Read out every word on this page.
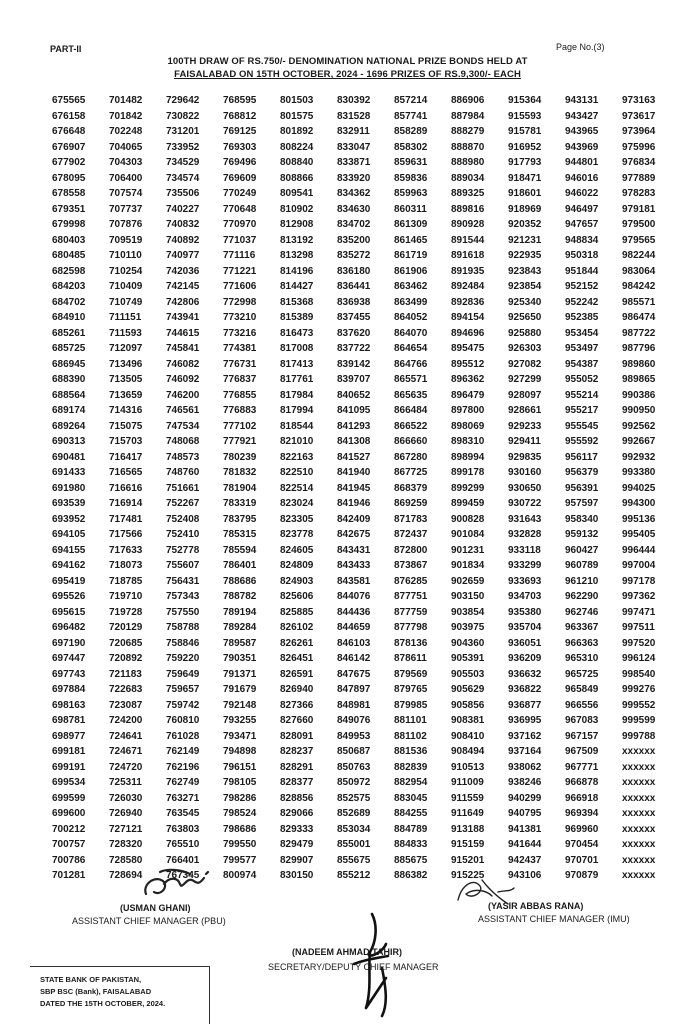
PART-II	Page No.(3)
100TH DRAW OF RS.750/- DENOMINATION NATIONAL PRIZE BONDS HELD AT
FAISALABAD ON 15TH OCTOBER, 2024 - 1696 PRIZES OF RS.9,300/- EACH
675565	701482	729642	768595	801503	830392	857214	886906	915364	943131	973163
676158	701842	730822	768812	801575	831528	857741	887984	915593	943427	973617
676648	702248	731201	769125	801892	832911	858289	888279	915781	943965	973964
676907	704065	733952	769303	808224	833047	858302	888870	916952	943969	975996
677902	704303	734529	769496	808840	833871	859631	888980	917793	944801	976834
678095	706400	734574	769609	808866	833920	859836	889034	918471	946016	977889
678558	707574	735506	770249	809541	834362	859963	889325	918601	946022	978283
679351	707737	740227	770648	810902	834630	860311	889816	918969	946497	979181
679998	707876	740832	770970	812908	834702	861309	890928	920352	947657	979500
680403	709519	740892	771037	813192	835200	861465	891544	921231	948834	979565
680485	710110	740977	771116	813298	835272	861719	891618	922935	950318	982244
682598	710254	742036	771221	814196	836180	861906	891935	923843	951844	983064
684203	710409	742145	771606	814427	836441	863462	892484	923854	952152	984242
684702	710749	742806	772998	815368	836938	863499	892836	925340	952242	985571
684910	711151	743941	773210	815389	837455	864052	894154	925650	952385	986474
685261	711593	744615	773216	816473	837620	864070	894696	925880	953454	987722
685725	712097	745841	774381	817008	837722	864654	895475	926303	953497	987796
686945	713496	746082	776731	817413	839142	864766	895512	927082	954387	989860
688390	713505	746092	776837	817761	839707	865571	896362	927299	955052	989865
688564	713659	746200	776855	817984	840652	865635	896479	928097	955214	990386
689174	714316	746561	776883	817994	841095	866484	897800	928661	955217	990950
689264	715075	747534	777102	818544	841293	866522	898069	929233	955545	992562
690313	715703	748068	777921	821010	841308	866660	898310	929411	955592	992667
690481	716417	748573	780239	822163	841527	867280	898994	929835	956117	992932
691433	716565	748760	781832	822510	841940	867725	899178	930160	956379	993380
691980	716616	751661	781904	822514	841945	868379	899299	930650	956391	994025
693539	716914	752267	783319	823024	841946	869259	899459	930722	957597	994300
693952	717481	752408	783795	823305	842409	871783	900828	931643	958340	995136
694105	717566	752410	785315	823778	842675	872437	901084	932828	959132	995405
694155	717633	752778	785594	824605	843431	872800	901231	933118	960427	996444
694162	718073	755607	786401	824809	843433	873867	901834	933299	960789	997004
695419	718785	756431	788686	824903	843581	876285	902659	933693	961210	997178
695526	719710	757343	788782	825606	844076	877751	903150	934703	962290	997362
695615	719728	757550	789194	825885	844436	877759	903854	935380	962746	997471
696482	720129	758788	789284	826102	844659	877798	903975	935704	963367	997511
697190	720685	758846	789587	826261	846103	878136	904360	936051	966363	997520
697447	720892	759220	790351	826451	846142	878611	905391	936209	965310	996124
697743	721183	759649	791371	826591	847675	879569	905503	936632	965725	998540
697884	722683	759657	791679	826940	847897	879765	905629	936822	965849	999276
698163	723087	759742	792148	827366	848981	879985	905856	936877	966556	999552
698781	724200	760810	793255	827660	849076	881101	908381	936995	967083	999599
698977	724641	761028	793471	828091	849953	881102	908410	937162	967157	999788
699181	724671	762149	794898	828237	850687	881536	908494	937164	967509	xxxxxx
699191	724720	762196	796151	828291	850763	882839	910513	938062	967771	xxxxxx
699534	725311	762749	798105	828377	850972	882954	911009	938246	966878	xxxxxx
699599	726030	763271	798286	828856	852575	883045	911559	940299	966918	xxxxxx
699600	726940	763545	798524	829066	852689	884255	911649	940795	969394	xxxxxx
700212	727121	763803	798686	829333	853034	884789	913188	941381	969960	xxxxxx
700757	728320	765510	799550	829479	855001	884833	915159	941644	970454	xxxxxx
700786	728580	766401	799577	829907	855675	885675	915201	942437	970701	xxxxxx
701281	728694	767345	800974	830150	855212	886382	915225	943106	970879	xxxxxx
(USMAN GHANI)
ASSISTANT CHIEF MANAGER (PBU)
(YASIR ABBAS RANA)
ASSISTANT CHIEF MANAGER (IMU)
(NADEEM AHMAD TAHIR)
SECRETARY/DEPUTY CHIEF MANAGER
STATE BANK OF PAKISTAN,
SBP BSC (Bank), FAISALABAD
DATED THE 15TH OCTOBER, 2024.
